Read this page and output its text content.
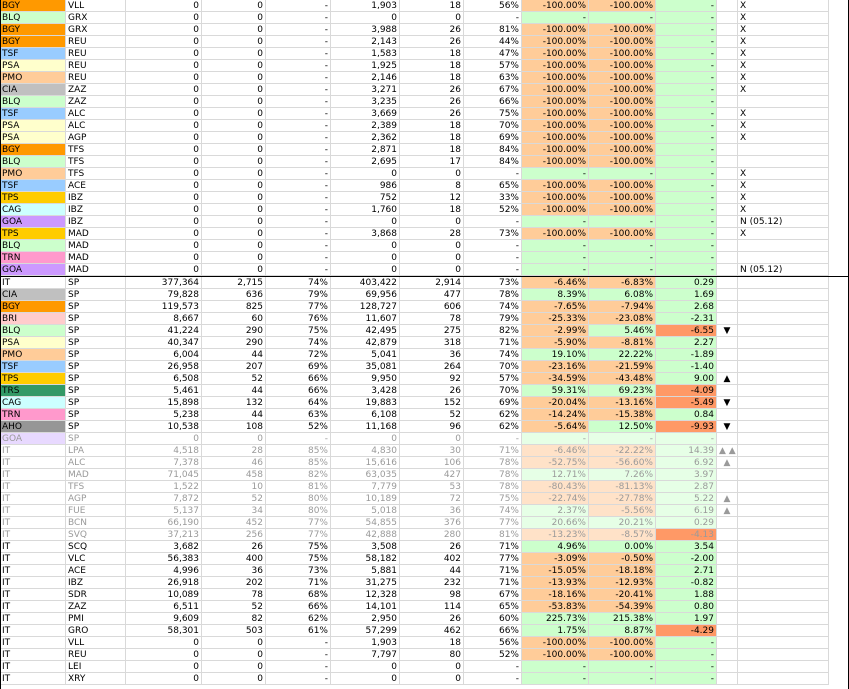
BGY	VLL	0	0	-	1,903	18	56%	-100.00%	-100.00%	-	X
BLQ	GRX	0	0	-	0	0	-	-	-	-	X
BGY	GRX	0	0	-	3,988	26	81%	-100.00%	-100.00%	-	X
BGY	REU	0	0	-	2,143	26	44%	-100.00%	-100.00%	-	X
TSF	REU	0	0	-	1,583	18	47%	-100.00%	-100.00%	-	X
PSA	REU	0	0	-	1,925	18	57%	-100.00%	-100.00%	-	X
PMO	REU	0	0	-	2,146	18	63%	-100.00%	-100.00%	-	X
CIA	ZAZ	0	0	-	3,271	26	67%	-100.00%	-100.00%	-	X
BLQ	ZAZ	0	0	-	3,235	26	66%	-100.00%	-100.00%	-
TSF	ALC	0	0	-	3,669	26	75%	-100.00%	-100.00%	-	X
PSA	ALC	0	0	-	2,389	18	70%	-100.00%	-100.00%	-	X
PSA	AGP	0	0	-	2,362	18	69%	-100.00%	-100.00%	-	X
BGY	TFS	0	0	-	2,871	18	84%	-100.00%	-100.00%	-
BLQ	TFS	0	0	-	2,695	17	84%	-100.00%	-100.00%	-
PMO	TFS	0	0	-	0	0	-	-	-	-	X
TSF	ACE	0	0	-	986	8	65%	-100.00%	-100.00%	-	X
TPS	IBZ	0	0	-	752	12	33%	-100.00%	-100.00%	-	X
CAG	IBZ	0	0	-	1,760	18	52%	-100.00%	-100.00%	-	X
GOA	IBZ	0	0	-	0	0	-	-	-	-	N (05.12)
TPS	MAD	0	0	-	3,868	28	73%	-100.00%	-100.00%	-	X
BLQ	MAD	0	0	-	0	0	-	-	-	-
TRN	MAD	0	0	-	0	0	-	-	-	-
GOA	MAD	0	0	-	0	0	-	-	-	-	N (05.12)
IT	SP	377,364	2,715	74%	403,422	2,914	73%	-6.46%	-6.83%	0.29
CIA	SP	79,828	636	79%	69,956	477	78%	8.39%	6.08%	1.69
BGY	SP	119,573	825	77%	128,727	606	74%	-7.65%	-7.94%	2.68
BRI	SP	8,667	60	76%	11,607	78	79%	-25.33%	-23.08%	-2.31
BLQ	SP	41,224	290	75%	42,495	275	82%	-2.99%	5.46%	-6.55	▼
PSA	SP	40,347	290	74%	42,879	318	71%	-5.90%	-8.81%	2.27
PMO	SP	6,004	44	72%	5,041	36	74%	19.10%	22.22%	-1.89
TSF	SP	26,958	207	69%	35,081	264	70%	-23.16%	-21.59%	-1.40
TPS	SP	6,508	52	66%	9,950	92	57%	-34.59%	-43.48%	9.00	▲
TRS	SP	5,461	44	66%	3,428	26	70%	59.31%	69.23%	-4.09
CAG	SP	15,898	132	64%	19,883	152	69%	-20.04%	-13.16%	-5.49	▼
TRN	SP	5,238	44	63%	6,108	52	62%	-14.24%	-15.38%	0.84
AHO	SP	10,538	108	52%	11,168	96	62%	-5.64%	12.50%	-9.93	▼
GOA	SP	0	0	-	0	0	-	-	-	-
IT	LPA	4,518	28	85%	4,830	30	71%	-6.46%	-22.22%	14.39 ▲ ▲
IT	ALC	7,378	46	85%	15,616	106	78%	-52.75%	-56.60%	6.92	▲
IT	MAD	71,045	458	82%	63,035	427	78%	12.71%	7.26%	3.97
IT	TFS	1,522	10	81%	7,779	53	78%	-80.43%	-81.13%	2.87
IT	AGP	7,872	52	80%	10,189	72	75%	-22.74%	-27.78%	5.22	▲
IT	FUE	5,137	34	80%	5,018	36	74%	2.37%	-5.56%	6.19	▲
IT	BCN	66,190	452	77%	54,855	376	77%	20.66%	20.21%	0.29
IT	SVQ	37,213	256	77%	42,888	280	81%	-13.23%	-8.57%	-4.13
IT	SCQ	3,682	26	75%	3,508	26	71%	4.96%	0.00%	3.54
IT	VLC	56,383	400	75%	58,182	402	77%	-3.09%	-0.50%	-2.00
IT	ACE	4,996	36	73%	5,881	44	71%	-15.05%	-18.18%	2.71
IT	IBZ	26,918	202	71%	31,275	232	71%	-13.93%	-12.93%	-0.82
IT	SDR	10,089	78	68%	12,328	98	67%	-18.16%	-20.41%	1.88
IT	ZAZ	6,511	52	66%	14,101	114	65%	-53.83%	-54.39%	0.80
IT	PMI	9,609	82	62%	2,950	26	60%	225.73%	215.38%	1.97
IT	GRO	58,301	503	61%	57,299	462	66%	1.75%	8.87%	-4.29
IT	VLL	0	0	-	1,903	18	56%	-100.00%	-100.00%	-
IT	REU	0	0	-	7,797	80	52%	-100.00%	-100.00%	-
IT	LEI	0	0	-	0	0	-	-	-	-
IT	XRY	0	0	-	0	0	-	-	-	-
